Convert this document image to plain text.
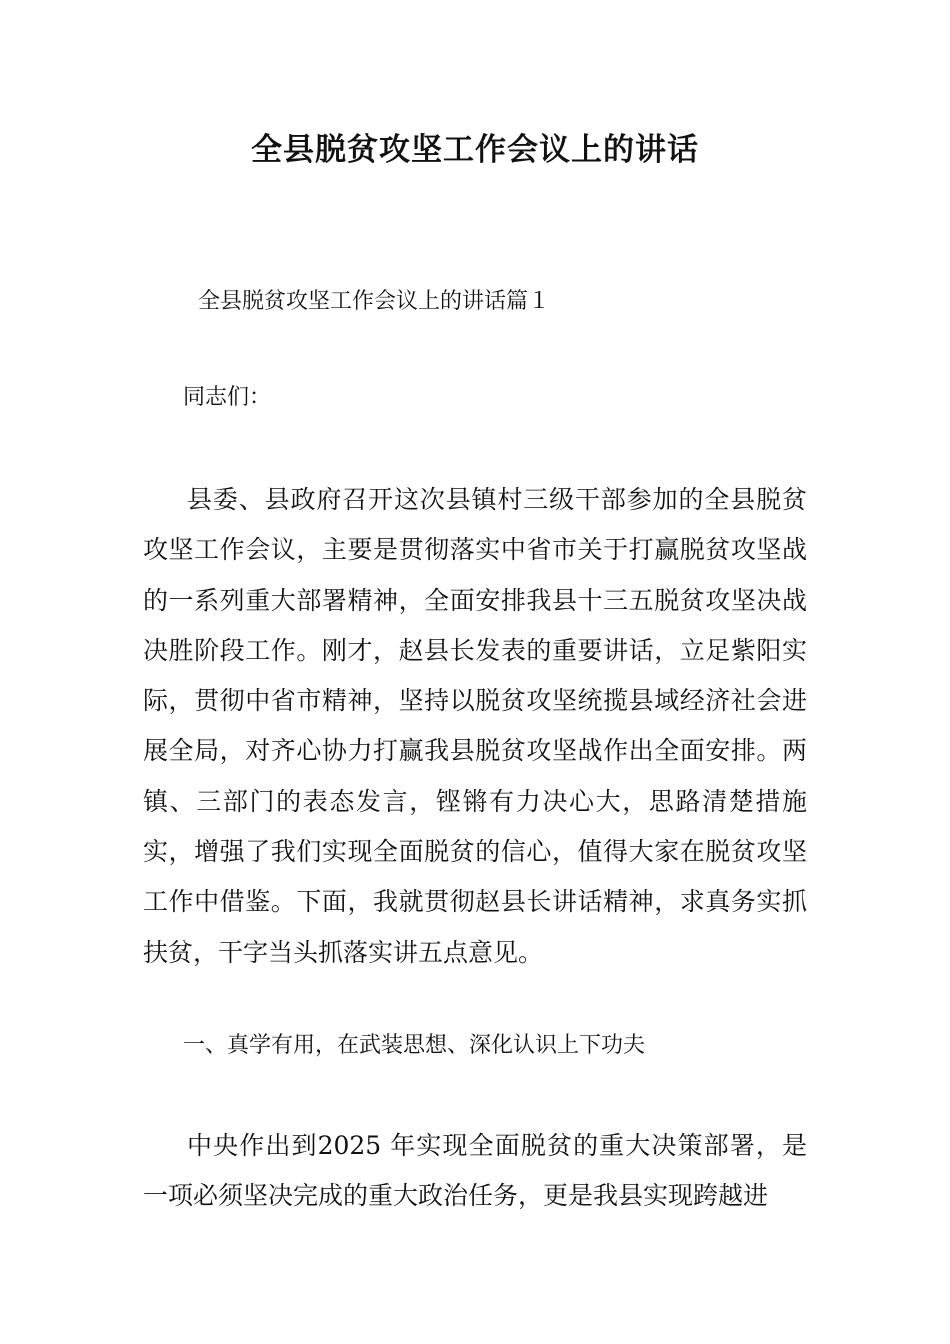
全县脱贫攻坚工作会议上的讲话

全县脱贫攻坚工作会议上的讲话篇１

同志们：

县委、县政府召开这次县镇村三级干部参加的全县脱贫攻坚工作会议，主要是贯彻落实中省市关于打赢脱贫攻坚战的一系列重大部署精神，全面安排我县十三五脱贫攻坚决战决胜阶段工作。刚才，赵县长发表的重要讲话，立足紫阳实际，贯彻中省市精神，坚持以脱贫攻坚统揽县域经济社会进展全局，对齐心协力打赢我县脱贫攻坚战作出全面安排。两镇、三部门的表态发言，铿锵有力决心大，思路清楚措施实，增强了我们实现全面脱贫的信心，值得大家在脱贫攻坚工作中借鉴。下面，我就贯彻赵县长讲话精神，求真务实抓扶贫，干字当头抓落实讲五点意见。

一、真学有用，在武装思想、深化认识上下功夫

中央作出到2025 年实现全面脱贫的重大决策部署，是一项必须坚决完成的重大政治任务，更是我县实现跨越进
